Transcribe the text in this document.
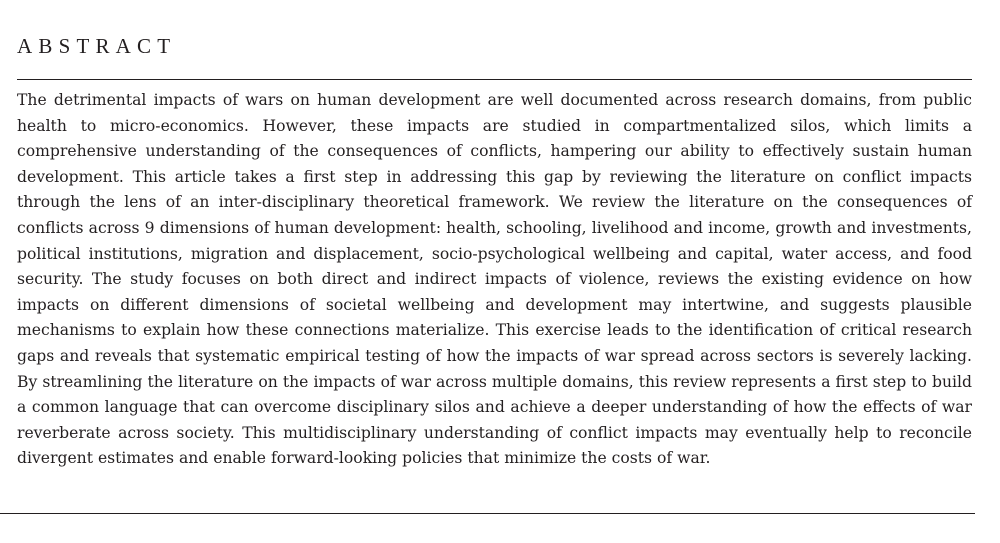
ABSTRACT

The detrimental impacts of wars on human development are well documented across research domains, from public health to micro-economics. However, these impacts are studied in compartmentalized silos, which limits a comprehensive understanding of the consequences of conflicts, hampering our ability to effectively sustain human development. This article takes a first step in addressing this gap by reviewing the literature on conflict impacts through the lens of an inter-disciplinary theoretical framework. We review the literature on the consequences of conflicts across 9 dimensions of human development: health, schooling, livelihood and income, growth and investments, political institutions, migration and displacement, socio-psychological wellbeing and capital, water access, and food security. The study focuses on both direct and indirect impacts of violence, reviews the existing evidence on how impacts on different dimensions of societal wellbeing and development may intertwine, and suggests plausible mechanisms to explain how these connections materialize. This exercise leads to the identification of critical research gaps and reveals that systematic empirical testing of how the impacts of war spread across sectors is severely lacking. By streamlining the literature on the impacts of war across multiple domains, this review represents a first step to build a common language that can overcome disciplinary silos and achieve a deeper understanding of how the effects of war reverberate across society. This multidisciplinary understanding of conflict impacts may eventually help to reconcile divergent estimates and enable forward-looking policies that minimize the costs of war.
